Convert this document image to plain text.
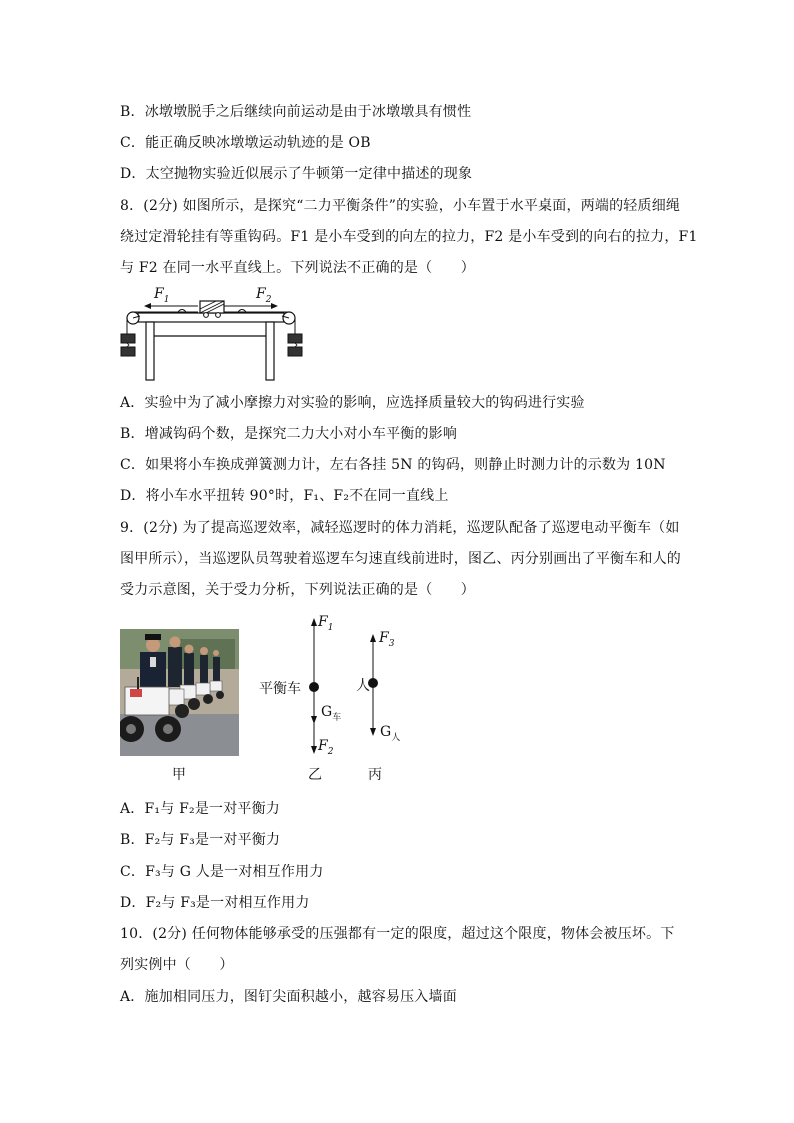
B．冰墩墩脱手之后继续向前运动是由于冰墩墩具有惯性
C．能正确反映冰墩墩运动轨迹的是 OB
D．太空抛物实验近似展示了牛顿第一定律中描述的现象
8．(2分) 如图所示，是探究“二力平衡条件”的实验，小车置于水平桌面，两端的轻质细绳
绕过定滑轮挂有等重钩码。F1 是小车受到的向左的拉力，F2 是小车受到的向右的拉力，F1
与 F2 在同一水平直线上。下列说法不正确的是（　　）
$F_1$	$F_2$
A．实验中为了减小摩擦力对实验的影响，应选择质量较大的钩码进行实验
B．增减钩码个数，是探究二力大小对小车平衡的影响
C．如果将小车换成弹簧测力计，左右各挂 5N 的钩码，则静止时测力计的示数为 10N
D．将小车水平扭转 90°时，F₁、F₂不在同一直线上
9．(2分) 为了提高巡逻效率，减轻巡逻时的体力消耗，巡逻队配备了巡逻电动平衡车（如
图甲所示），当巡逻队员驾驶着巡逻车匀速直线前进时，图乙、丙分别画出了平衡车和人的
受力示意图，关于受力分析，下列说法正确的是（　　）
$F_1$
平衡车
$G_车$
$F_2$
$F_3$
人
$G_人$
甲	乙	丙
A．F₁与 F₂是一对平衡力
B．F₂与 F₃是一对平衡力
C．F₃与 G 人是一对相互作用力
D．F₂与 F₃是一对相互作用力
10．(2分) 任何物体能够承受的压强都有一定的限度，超过这个限度，物体会被压坏。下
列实例中（　　）
A．施加相同压力，图钉尖面积越小，越容易压入墙面
